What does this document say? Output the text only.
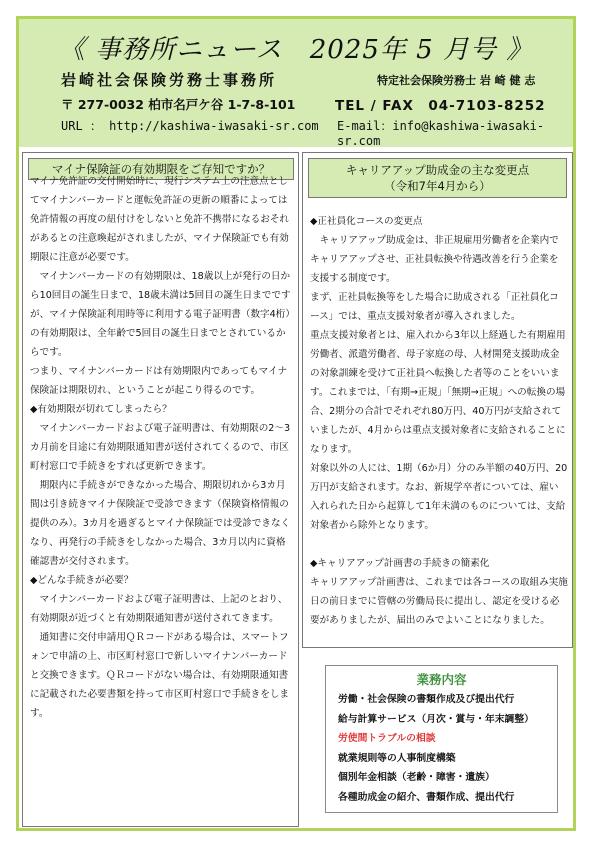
《 事務所ニュース　2025年 5 月号 》
岩崎社会保険労務士事務所	特定社会保険労務士 岩 崎 健 志
〒 277-0032 柏市名戸ケ谷 1-7-8-101	TEL / FAX　04-7103-8252
URL ： http://kashiwa-iwasaki-sr.com E-mail：info@kashiwa-iwasaki-sr.com
マイナ保険証の有効期限をご存知ですか？	キャリアアップ助成金の主な変更点
（令和7年4月から）

マイナ免許証の交付開始時に、現行システム上の注意点としてマイナンバーカードと運転免許証の更新の順番によっては免許情報の再度の紐付けをしないと免許不携帯になるおそれがあるとの注意喚起がされましたが、マイナ保険証でも有効期限に注意が必要です。

　マイナンバーカードの有効期限は、18歳以上が発行の日から10回目の誕生日まで、18歳未満は5回目の誕生日までですが、マイナ保険証利用時等に利用する電子証明書（数字4桁）の有効期限は、全年齢で5回目の誕生日までとされているからです。

つまり、マイナンバーカードは有効期限内であってもマイナ保険証は期限切れ、ということが起こり得るのです。

◆有効期限が切れてしまったら？

　マイナンバーカードおよび電子証明書は、有効期限の2～3カ月前を目途に有効期限通知書が送付されてくるので、市区町村窓口で手続きをすれば更新できます。

　期限内に手続きができなかった場合、期限切れから3カ月間は引き続きマイナ保険証で受診できます（保険資格情報の提供のみ）。3カ月を過ぎるとマイナ保険証では受診できなくなり、再発行の手続きをしなかった場合、3カ月以内に資格確認書が交付されます。

◆どんな手続きが必要？

　マイナンバーカードおよび電子証明書は、上記のとおり、有効期限が近づくと有効期限通知書が送付されてきます。

　通知書に交付申請用ＱＲコードがある場合は、スマートフォンで申請の上、市区町村窓口で新しいマイナンバーカードと交換できます。ＱＲコードがない場合は、有効期限通知書に記載された必要書類を持って市区町村窓口で手続きをします。

◆正社員化コースの変更点

　キャリアアップ助成金は、非正規雇用労働者を企業内でキャリアアップさせ、正社員転換や待遇改善を行う企業を支援する制度です。

まず、正社員転換等をした場合に助成される「正社員化コース」では、重点支援対象者が導入されました。

重点支援対象者とは、雇入れから3年以上経過した有期雇用労働者、派遣労働者、母子家庭の母、人材開発支援助成金の対象訓練を受けて正社員へ転換した者等のことをいいます。これまでは、「有期→正規」「無期→正規」への転換の場合、2期分の合計でそれぞれ80万円、40万円が支給されていましたが、4月からは重点支援対象者に支給されることになります。

対象以外の人には、1期（6か月）分のみ半額の40万円、20万円が支給されます。なお、新規学卒者については、雇い入れられた日から起算して1年未満のものについては、支給対象者から除外となります。

◆キャリアアップ計画書の手続きの簡素化

キャリアアップ計画書は、これまでは各コースの取組み実施日の前日までに管轄の労働局長に提出し、認定を受ける必要がありましたが、届出のみでよいことになりました。

業務内容
労働・社会保険の書類作成及び提出代行
給与計算サービス（月次・賞与・年末調整）
労使間トラブルの相談
就業規則等の人事制度構築
個別年金相談（老齢・障害・遺族）
各種助成金の紹介、書類作成、提出代行
